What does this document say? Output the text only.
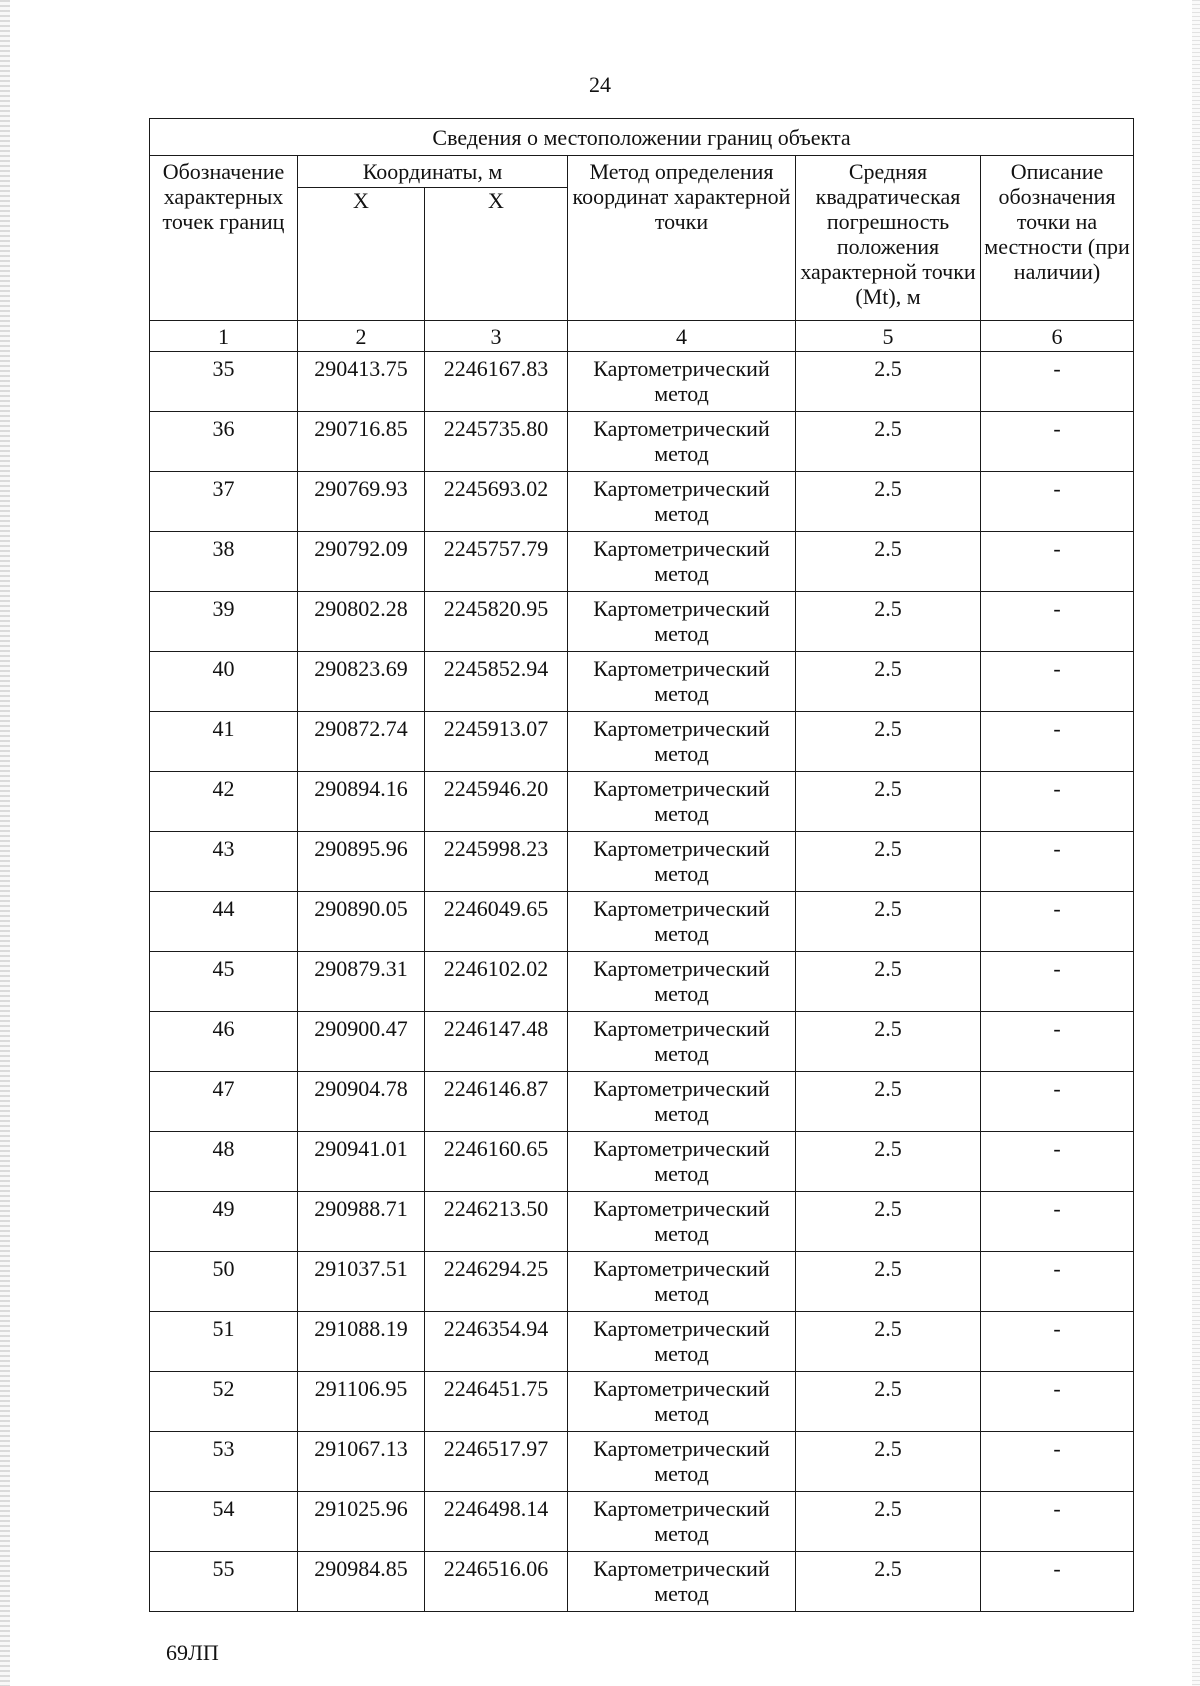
24
Сведения о местоположении границ объекта					
Обозначение характерных точек границ	Координаты, м		Метод определения координат характерной точки	Средняя квадратическая погрешность положения характерной точки (Mt), м	Описание обозначения точки на местности (при наличии)
	X	X			
1	2	3	4	5	6
35	290413.75	2246167.83	Картометрический метод	2.5	-
36	290716.85	2245735.80	Картометрический метод	2.5	-
37	290769.93	2245693.02	Картометрический метод	2.5	-
38	290792.09	2245757.79	Картометрический метод	2.5	-
39	290802.28	2245820.95	Картометрический метод	2.5	-
40	290823.69	2245852.94	Картометрический метод	2.5	-
41	290872.74	2245913.07	Картометрический метод	2.5	-
42	290894.16	2245946.20	Картометрический метод	2.5	-
43	290895.96	2245998.23	Картометрический метод	2.5	-
44	290890.05	2246049.65	Картометрический метод	2.5	-
45	290879.31	2246102.02	Картометрический метод	2.5	-
46	290900.47	2246147.48	Картометрический метод	2.5	-
47	290904.78	2246146.87	Картометрический метод	2.5	-
48	290941.01	2246160.65	Картометрический метод	2.5	-
49	290988.71	2246213.50	Картометрический метод	2.5	-
50	291037.51	2246294.25	Картометрический метод	2.5	-
51	291088.19	2246354.94	Картометрический метод	2.5	-
52	291106.95	2246451.75	Картометрический метод	2.5	-
53	291067.13	2246517.97	Картометрический метод	2.5	-
54	291025.96	2246498.14	Картометрический метод	2.5	-
55	290984.85	2246516.06	Картометрический метод	2.5	-
69ЛП
